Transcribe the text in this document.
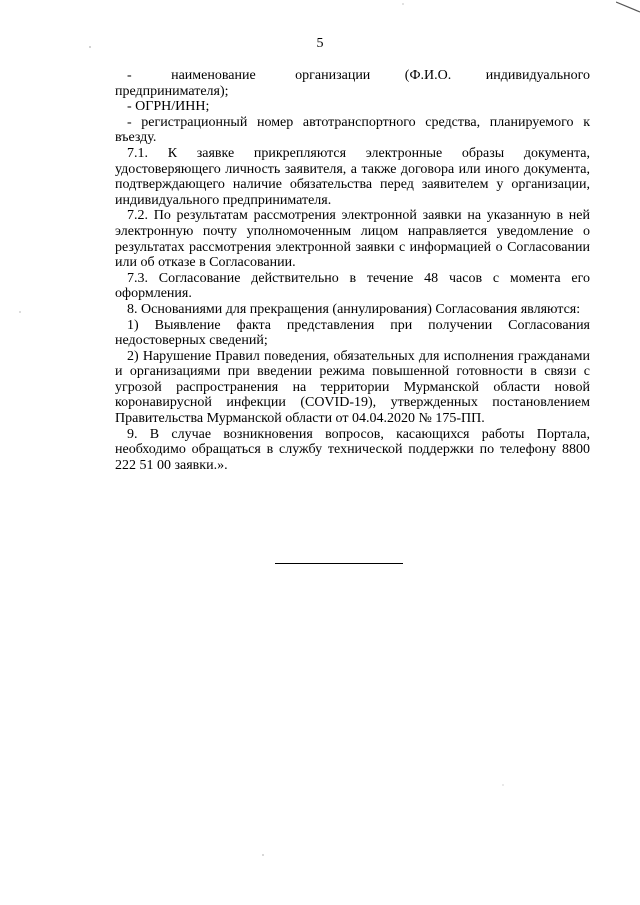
5

-        наименование        организации       (Ф.И.О.       индивидуального предпринимателя);

- ОГРН/ИНН;

- регистрационный номер автотранспортного средства, планируемого к въезду.

7.1. К заявке прикрепляются электронные образы документа, удостоверяющего личность заявителя, а также договора или иного документа, подтверждающего наличие обязательства перед заявителем у организации, индивидуального предпринимателя.

7.2. По результатам рассмотрения электронной заявки на указанную в ней электронную почту уполномоченным лицом направляется уведомление о результатах рассмотрения электронной заявки с информацией о Согласовании или об отказе в Согласовании.

7.3. Согласование действительно в течение 48 часов с момента его оформления.

8. Основаниями для прекращения (аннулирования) Согласования являются:

1) Выявление факта представления при получении Согласования недостоверных сведений;

2) Нарушение Правил поведения, обязательных для исполнения гражданами и организациями при введении режима повышенной готовности в связи с угрозой распространения на территории Мурманской области новой коронавирусной инфекции (COVID-19), утвержденных постановлением Правительства Мурманской области от 04.04.2020 № 175-ПП.

9. В случае возникновения вопросов, касающихся работы Портала, необходимо обращаться в службу технической поддержки по телефону 8800 222 51 00 заявки.».
